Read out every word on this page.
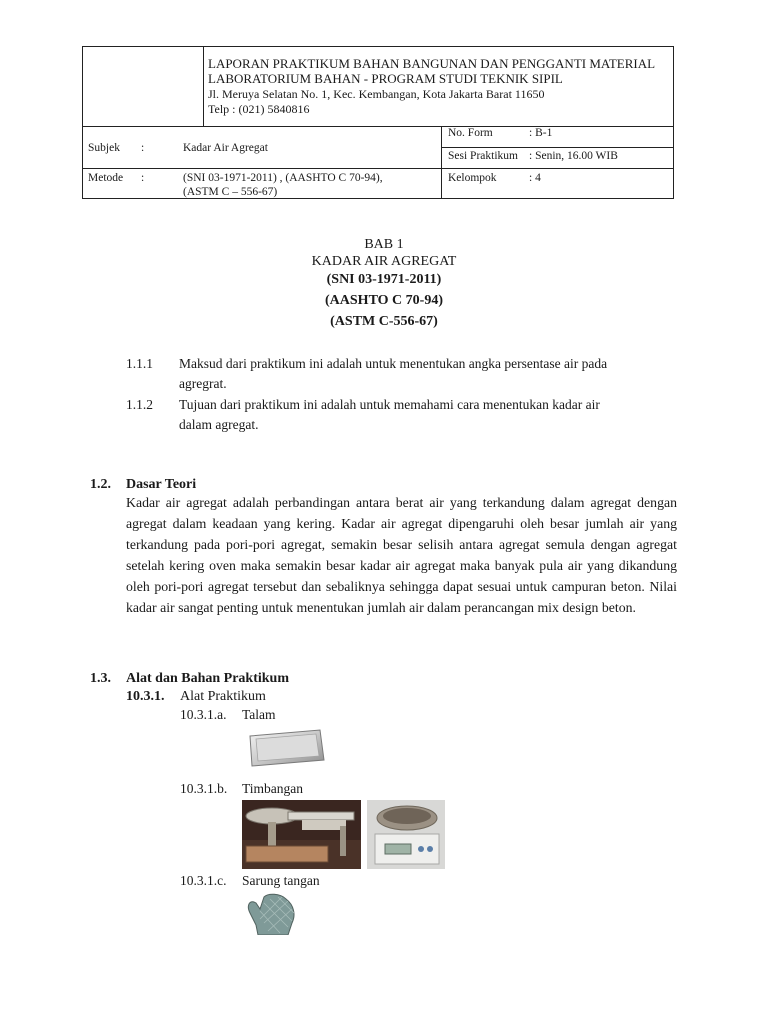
LAPORAN PRAKTIKUM BAHAN BANGUNAN DAN PENGGANTI MATERIAL
LABORATORIUM BAHAN - PROGRAM STUDI TEKNIK SIPIL
Jl. Meruya Selatan No. 1, Kec. Kembangan, Kota Jakarta Barat 11650
Telp : (021) 5840816
Subjek :	Kadar Air Agregat
No. Form	: B-1
Sesi Praktikum : Senin, 16.00 WIB
Metode :	(SNI 03-1971-2011) , (AASHTO C 70-94),
(ASTM C – 556-67)
Kelompok	: 4
BAB 1
KADAR AIR AGREGAT
(SNI 03-1971-2011)
(AASHTO C 70-94)
(ASTM C-556-67)
1.1.1 Maksud dari praktikum ini adalah untuk menentukan angka persentase air pada
agregrat.
1.1.2 Tujuan dari praktikum ini adalah untuk memahami cara menentukan kadar air
dalam agregat.
1.2. Dasar Teori
Kadar air agregat adalah perbandingan antara berat air yang terkandung dalam agregat dengan agregat dalam keadaan yang kering. Kadar air agregat dipengaruhi oleh besar jumlah air yang terkandung pada pori-pori agregat, semakin besar selisih antara agregat semula dengan agregat setelah kering oven maka semakin besar kadar air agregat maka banyak pula air yang dikandung oleh pori-pori agregat tersebut dan sebaliknya sehingga dapat sesuai untuk campuran beton. Nilai kadar air sangat penting untuk menentukan jumlah air dalam perancangan mix design beton.
1.3. Alat dan Bahan Praktikum
10.3.1. Alat Praktikum
10.3.1.a. Talam
10.3.1.b. Timbangan
10.3.1.c. Sarung tangan
